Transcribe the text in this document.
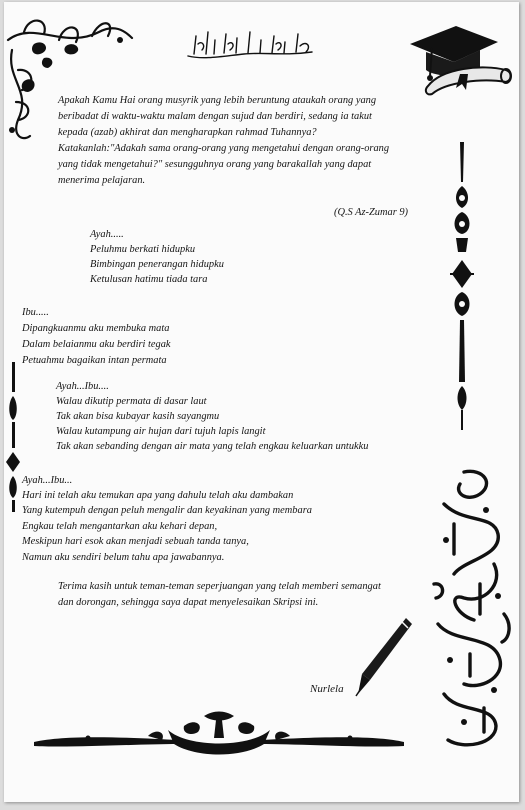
بسم الله الرحمن الرحيم
Apakah Kamu Hai orang musyrik yang lebih beruntung ataukah orang yang
beribadat di waktu-waktu malam dengan sujud dan berdiri, sedang ia takut
kepada (azab) akhirat dan mengharapkan rahmad Tuhannya?
Katakanlah:"Adakah sama orang-orang yang mengetahui dengan orang-orang
yang tidak mengetahui?" sesungguhnya orang yang barakallah yang dapat
menerima pelajaran.
(Q.S Az-Zumar 9)
Ayah.....
Peluhmu berkati hidupku
Bimbingan penerangan hidupku
Ketulusan hatimu tiada tara
Ibu.....
Dipangkuanmu aku membuka mata
Dalam belaianmu aku berdiri tegak
Petuahmu bagaikan intan permata
Ayah...Ibu....
Walau dikutip permata di dasar laut
Tak akan bisa kubayar kasih sayangmu
Walau kutampung air hujan dari tujuh lapis langit
Tak akan sebanding dengan air mata yang telah engkau keluarkan untukku
Ayah...Ibu...
Hari ini telah aku temukan apa yang dahulu telah aku dambakan
Yang kutempuh dengan peluh mengalir dan keyakinan yang membara
Engkau telah mengantarkan aku kehari depan,
Meskipun hari esok akan menjadi sebuah tanda tanya,
Namun aku sendiri belum tahu apa jawabannya.
Terima kasih untuk teman-teman seperjuangan yang telah memberi semangat
dan dorongan, sehingga saya dapat menyelesaikan Skripsi ini.
Nurlela
